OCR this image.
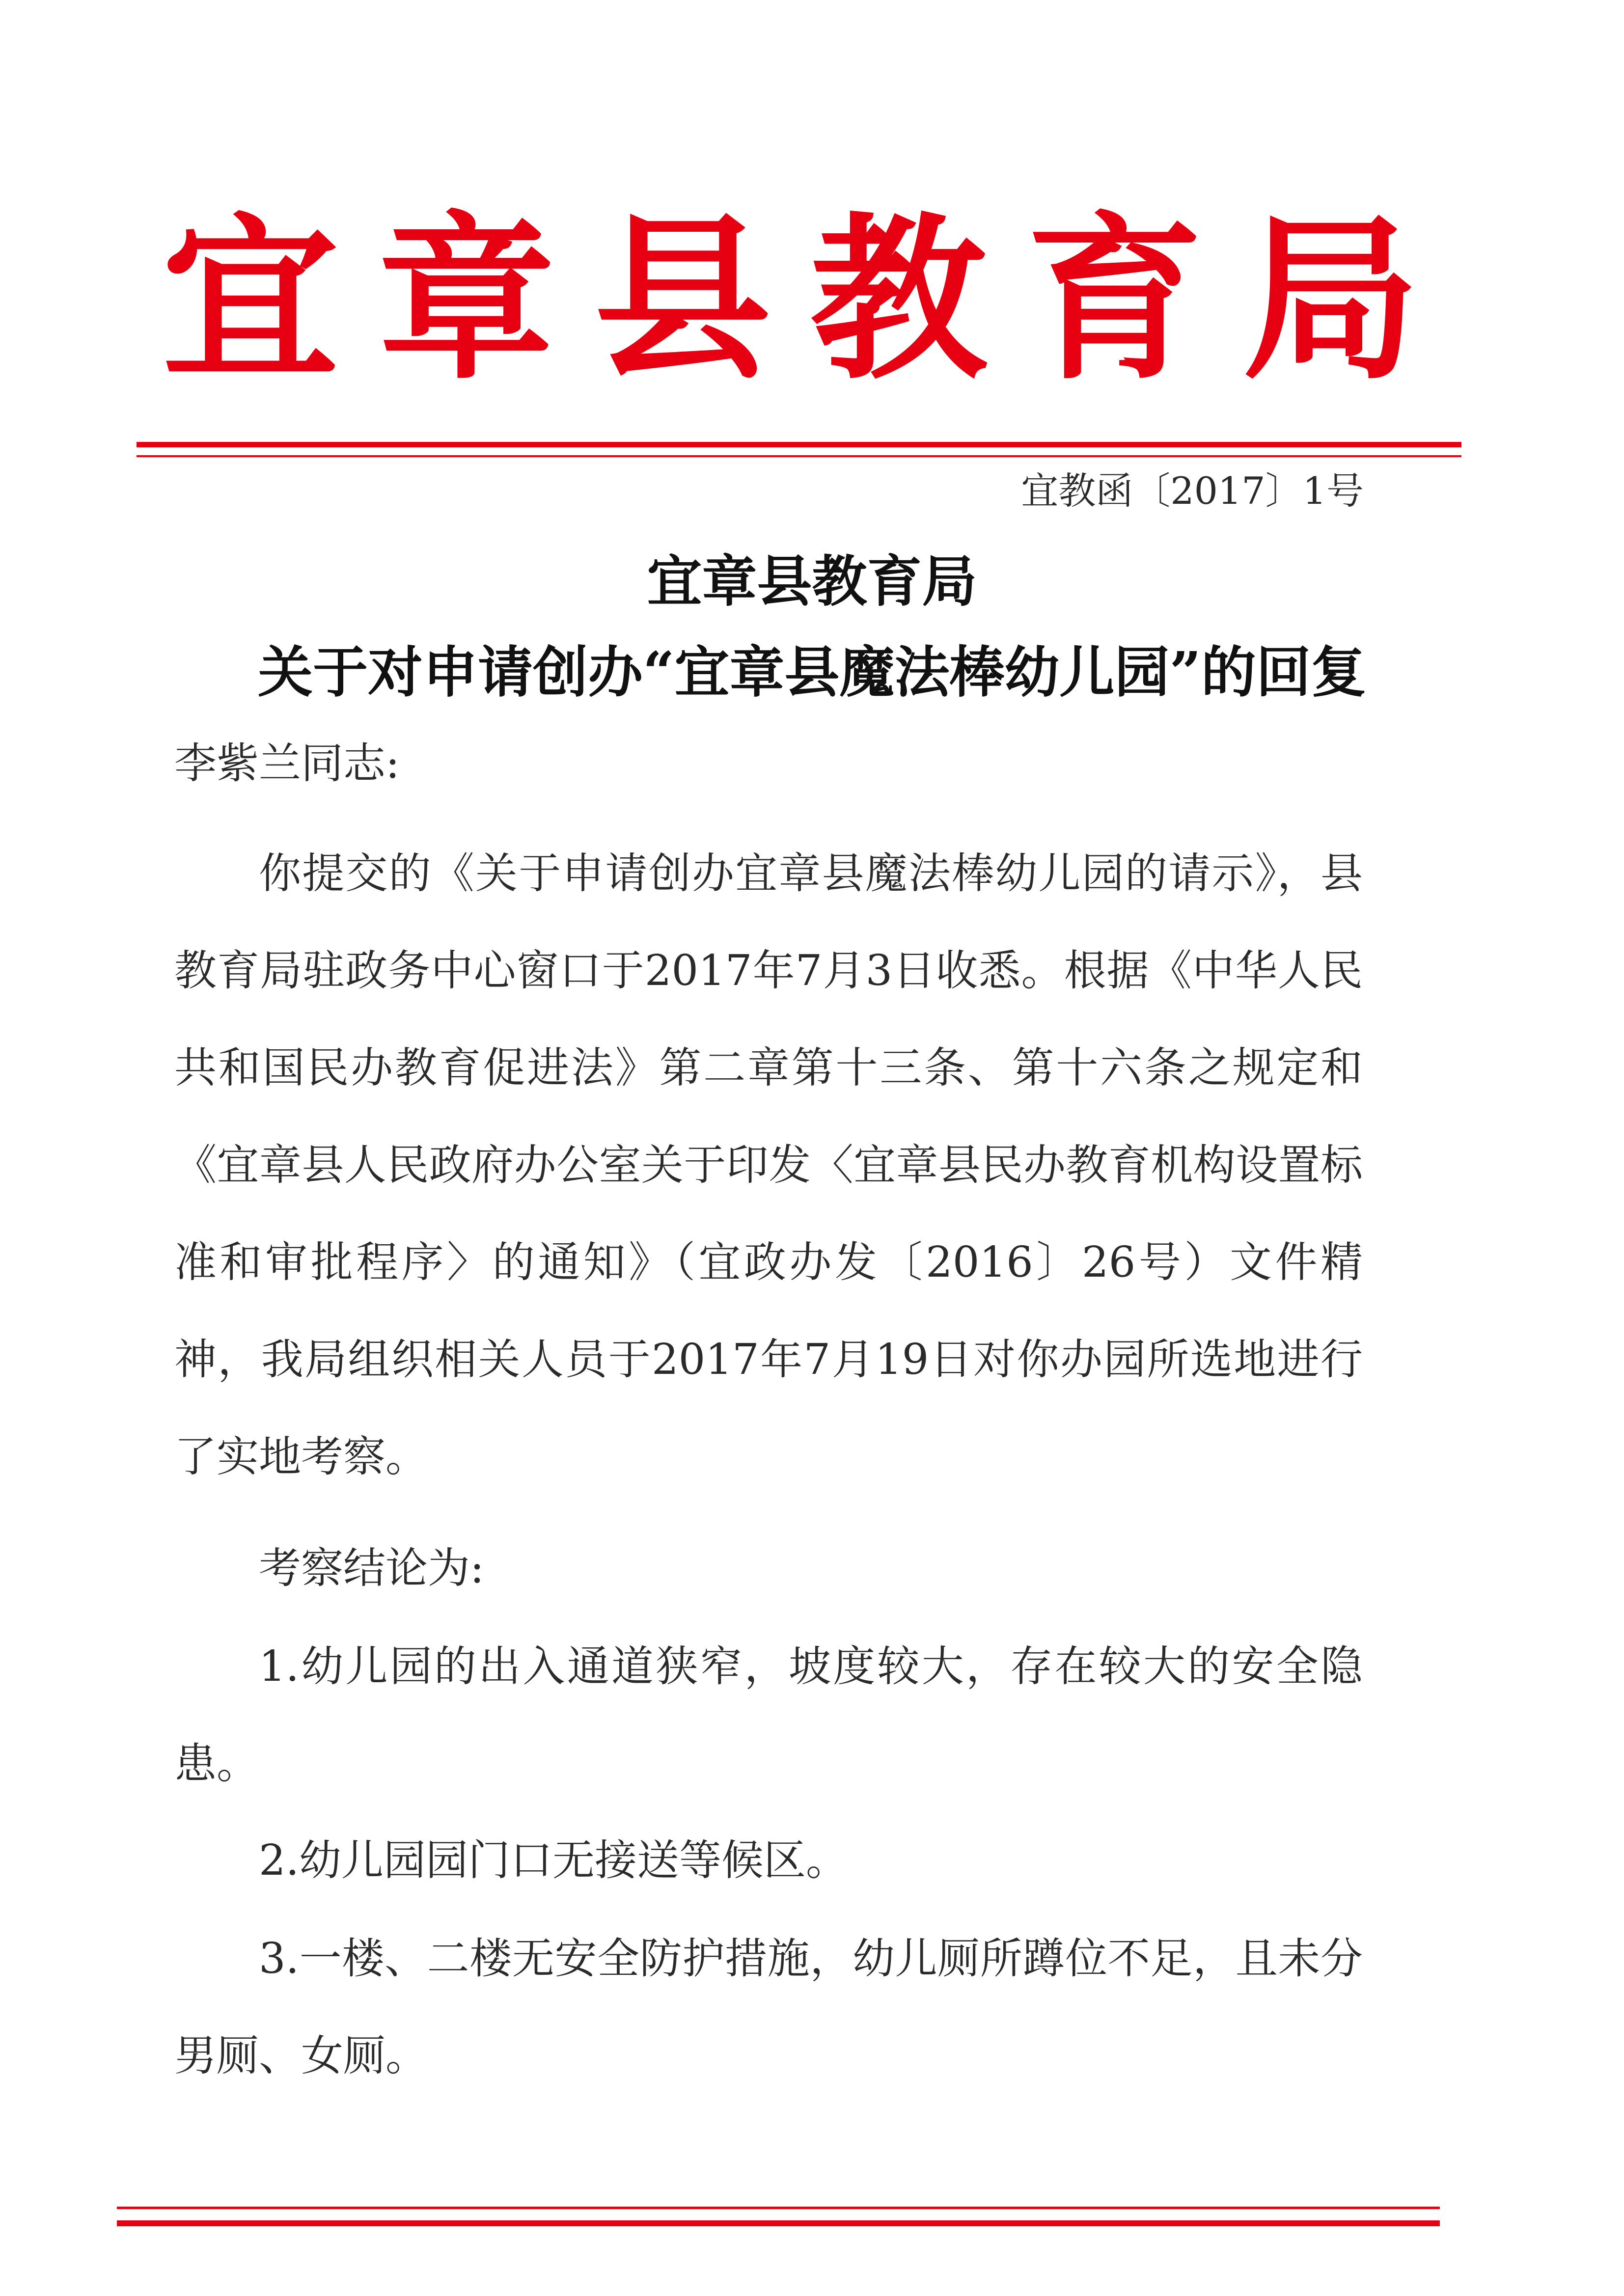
宜 章 县 教 育 局
宜教函〔2017〕1号
宜章县教育局
关于对申请创办“宜章县魔法棒幼儿园”的回复
李紫兰同志:

你提交的《关于申请创办宜章县魔法棒幼儿园的请示》，县教育局驻政务中心窗口于2017年7月3日收悉。根据《中华人民共和国民办教育促进法》第二章第十三条、第十六条之规定和《宜章县人民政府办公室关于印发〈宜章县民办教育机构设置标准和审批程序〉的通知》（宜政办发〔2016〕26号）文件精神，我局组织相关人员于2017年7月19日对你办园所选地进行了实地考察。

考察结论为:

1.幼儿园的出入通道狭窄，坡度较大，存在较大的安全隐患。

2.幼儿园园门口无接送等候区。

3.一楼、二楼无安全防护措施，幼儿厕所蹲位不足，且未分男厕、女厕。
